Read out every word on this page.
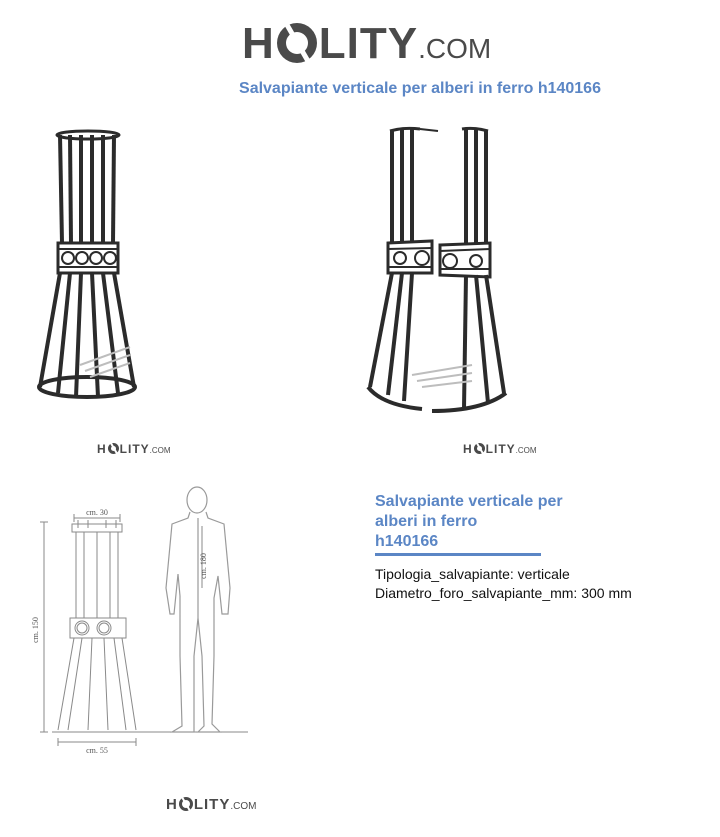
H LITY .COM
Salvapiante verticale per alberi in ferro h140166
H LITY .COM	H LITY .COM
cm. 30
cm. 55
cm. 150
cm. 180
H LITY .COM
Salvapiante verticale per
alberi in ferro
h140166
Tipologia_salvapiante: verticale
Diametro_foro_salvapiante_mm: 300 mm
